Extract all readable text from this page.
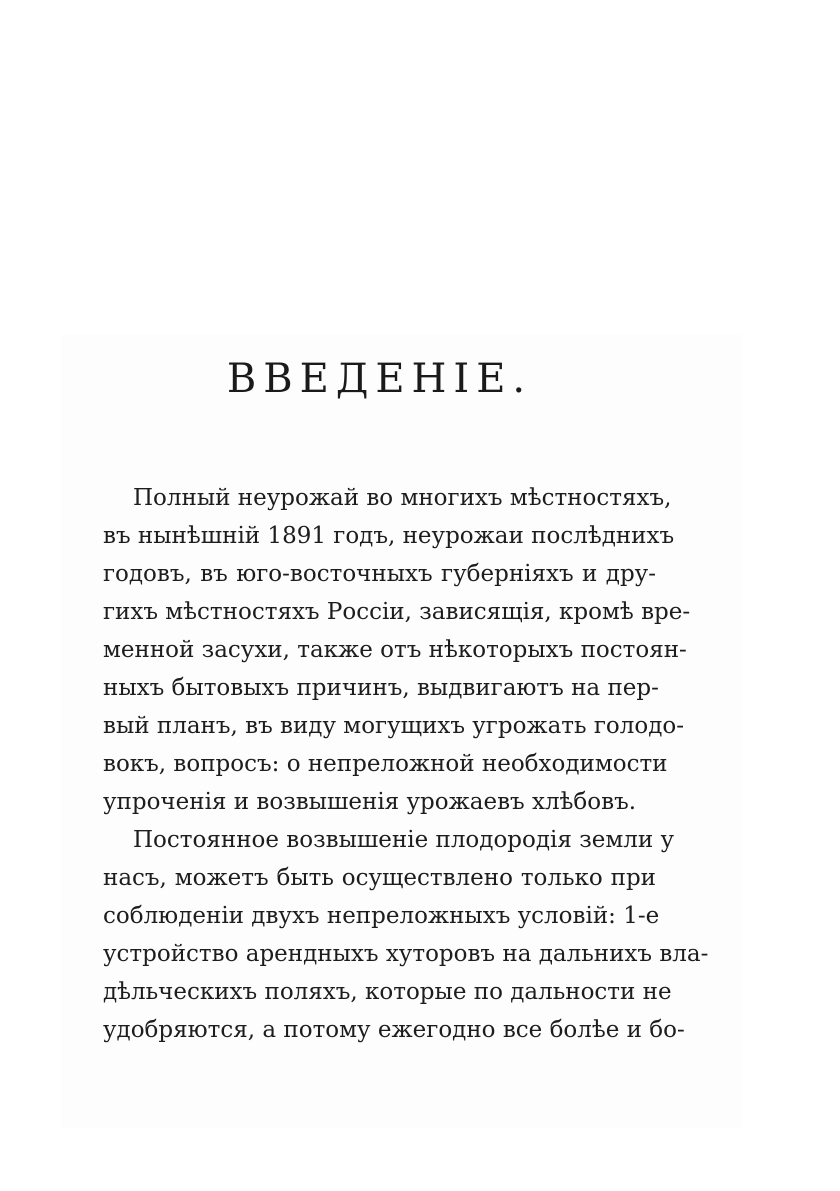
ВВЕДЕНІЕ.
Полный неурожай во многихъ мѣстностяхъ,
въ нынѣшній 1891 годъ, неурожаи послѣднихъ
годовъ, въ юго-восточныхъ губерніяхъ и дру-
гихъ мѣстностяхъ Россіи, зависящія, кромѣ вре-
менной засухи, также отъ нѣкоторыхъ постоян-
ныхъ бытовыхъ причинъ, выдвигаютъ на пер-
вый планъ, въ виду могущихъ угрожать голодо-
вокъ, вопросъ: о непреложной необходимости
упроченія и возвышенія урожаевъ хлѣбовъ.
Постоянное возвышеніе плодородія земли у
насъ, можетъ быть осуществлено только при
соблюденіи двухъ непреложныхъ условій: 1-е
устройство арендныхъ хуторовъ на дальнихъ вла-
дѣльческихъ поляхъ, которые по дальности не
удобряются, а потому ежегодно все болѣе и бо-
